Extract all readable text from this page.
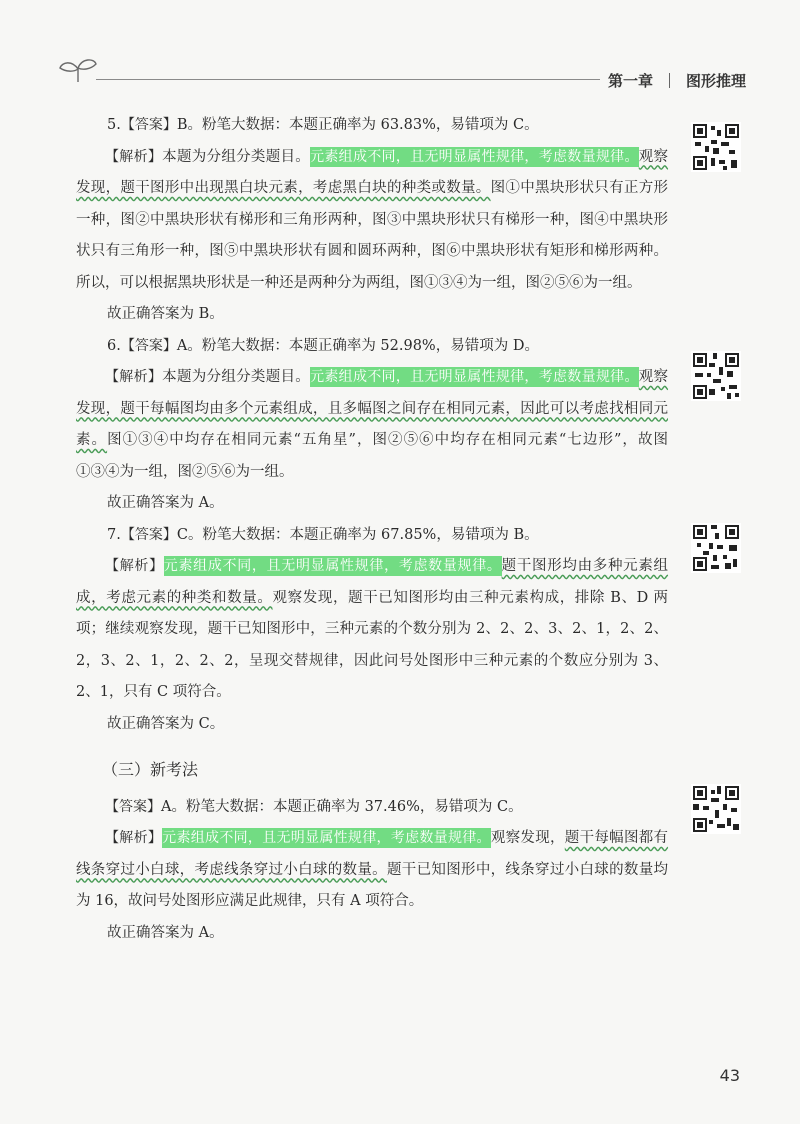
第一章 图形推理

5.【答案】B。粉笔大数据：本题正确率为 63.83%，易错项为 C。

【解析】本题为分组分类题目。元素组成不同，且无明显属性规律，考虑数量规律。观察发现，题干图形中出现黑白块元素，考虑黑白块的种类或数量。图①中黑块形状只有正方形一种，图②中黑块形状有梯形和三角形两种，图③中黑块形状只有梯形一种，图④中黑块形状只有三角形一种，图⑤中黑块形状有圆和圆环两种，图⑥中黑块形状有矩形和梯形两种。所以，可以根据黑块形状是一种还是两种分为两组，图①③④为一组，图②⑤⑥为一组。

故正确答案为 B。

6.【答案】A。粉笔大数据：本题正确率为 52.98%，易错项为 D。

【解析】本题为分组分类题目。元素组成不同，且无明显属性规律，考虑数量规律。观察发现，题干每幅图均由多个元素组成，且多幅图之间存在相同元素，因此可以考虑找相同元素。图①③④中均存在相同元素“五角星”，图②⑤⑥中均存在相同元素“七边形”，故图①③④为一组，图②⑤⑥为一组。

故正确答案为 A。

7.【答案】C。粉笔大数据：本题正确率为 67.85%，易错项为 B。

【解析】元素组成不同，且无明显属性规律，考虑数量规律。题干图形均由多种元素组成，考虑元素的种类和数量。观察发现，题干已知图形均由三种元素构成，排除 B、D 两项；继续观察发现，题干已知图形中，三种元素的个数分别为 2、2、2、3、2、1，2、2、2，3、2、1，2、2、2，呈现交替规律，因此问号处图形中三种元素的个数应分别为 3、2、1，只有 C 项符合。

故正确答案为 C。

（三）新考法

【答案】A。粉笔大数据：本题正确率为 37.46%，易错项为 C。

【解析】元素组成不同，且无明显属性规律，考虑数量规律。观察发现，题干每幅图都有线条穿过小白球，考虑线条穿过小白球的数量。题干已知图形中，线条穿过小白球的数量均为 16，故问号处图形应满足此规律，只有 A 项符合。

故正确答案为 A。

43
